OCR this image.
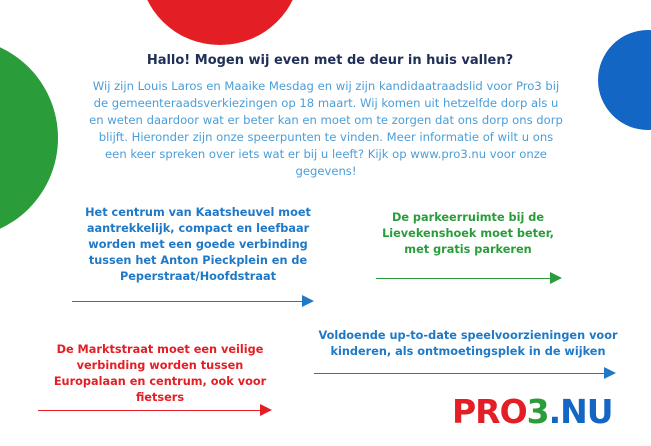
Hallo! Mogen wij even met de deur in huis vallen?

Wij zijn Louis Laros en Maaike Mesdag en wij zijn kandidaatraadslid voor Pro3 bij de gemeenteraadsverkiezingen op 18 maart. Wij komen uit hetzelfde dorp als u en weten daardoor wat er beter kan en moet om te zorgen dat ons dorp ons dorp blijft. Hieronder zijn onze speerpunten te vinden. Meer informatie of wilt u ons een keer spreken over iets wat er bij u leeft? Kijk op www.pro3.nu voor onze gegevens!

Het centrum van Kaatsheuvel moet aantrekkelijk, compact en leefbaar worden met een goede verbinding tussen het Anton Pieckplein en de Peperstraat/Hoofdstraat

De parkeerruimte bij de Lievekenshoek moet beter, met gratis parkeren

De Marktstraat moet een veilige verbinding worden tussen Europalaan en centrum, ook voor fietsers

Voldoende up-to-date speelvoorzieningen voor kinderen, als ontmoetingsplek in de wijken

PRO3.NU
